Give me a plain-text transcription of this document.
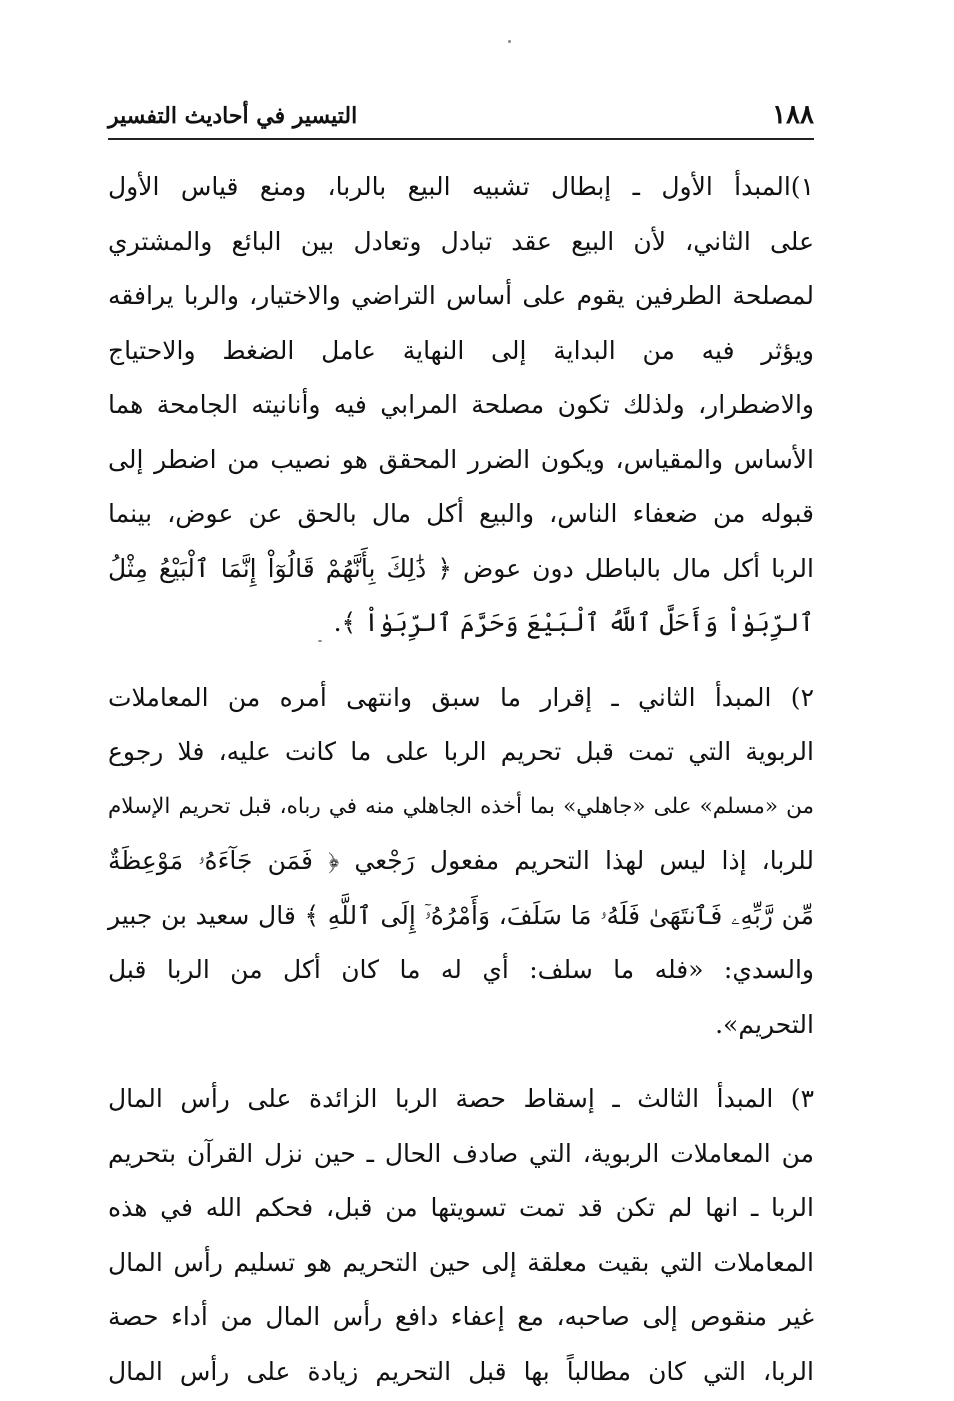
١٨٨
التيسير في أحاديث التفسير

١)المبدأ الأول ـ إبطال تشبيه البيع بالربا، ومنع قياس الأول
على الثاني، لأن البيع عقد تبادل وتعادل بين البائع والمشتري
لمصلحة الطرفين يقوم على أساس التراضي والاختيار، والربا يرافقه
ويؤثر فيه من البداية إلى النهاية عامل الضغط والاحتياج
والاضطرار، ولذلك تكون مصلحة المرابي فيه وأنانيته الجامحة هما
الأساس والمقياس، ويكون الضرر المحقق هو نصيب من اضطر إلى
قبوله من ضعفاء الناس، والبيع أكل مال بالحق عن عوض، بينما
الربا أكل مال بالباطل دون عوض ﴿ ذَٰلِكَ بِأَنَّهُمْ قَالُوٓاْ إِنَّمَا ٱلْبَيْعُ مِثْلُ
ٱلرِّبَوٰاْ وَأَحَلَّ ٱللَّهُ ٱلْبَيْعَ وَحَرَّمَ ٱلرِّبَوٰاْ ﴾.

٢) المبدأ الثاني ـ إقرار ما سبق وانتهى أمره من المعاملات
الربوية التي تمت قبل تحريم الربا على ما كانت عليه، فلا رجوع
من «مسلم» على «جاهلي» بما أخذه الجاهلي منه في رباه، قبل تحريم الإسلام
للربا، إذا ليس لهذا التحريم مفعول رَجْعي ﴿ فَمَن جَآءَهُۥ مَوْعِظَةٌ
مِّن رَّبِّهِۦ فَٱنتَهَىٰ فَلَهُۥ مَا سَلَفَ، وَأَمْرُهُۥٓ إِلَى ٱللَّهِ ﴾ قال سعيد بن جبير
والسدي: «فله ما سلف: أي له ما كان أكل من الربا قبل
التحريم».

٣) المبدأ الثالث ـ إسقاط حصة الربا الزائدة على رأس المال
من المعاملات الربوية، التي صادف الحال ـ حين نزل القرآن بتحريم
الربا ـ انها لم تكن قد تمت تسويتها من قبل، فحكم الله في هذه
المعاملات التي بقيت معلقة إلى حين التحريم هو تسليم رأس المال
غير منقوص إلى صاحبه، مع إعفاء دافع رأس المال من أداء حصة
الربا، التي كان مطالباً بها قبل التحريم زيادة على رأس المال
